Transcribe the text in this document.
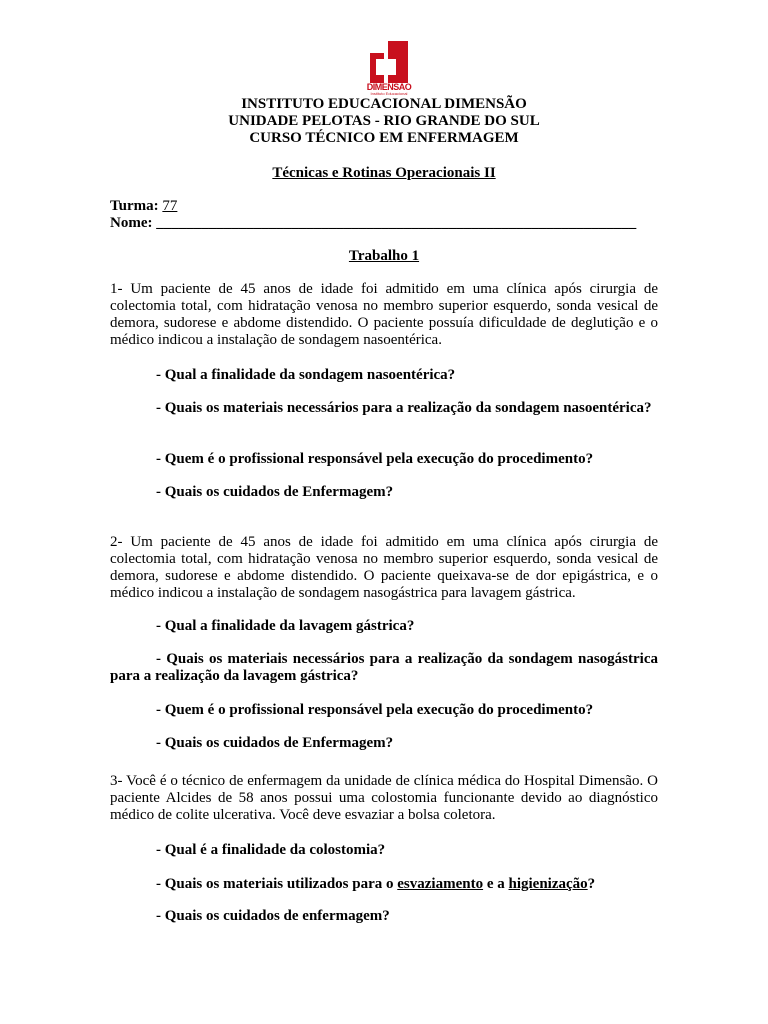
DIMENSÃO
Instituto Educacional
INSTITUTO EDUCACIONAL DIMENSÃO
UNIDADE PELOTAS - RIO GRANDE DO SUL
CURSO TÉCNICO EM ENFERMAGEM
Técnicas e Rotinas Operacionais II
Turma: 77
Nome: ________________________________________________________________
Trabalho 1
1- Um paciente de 45 anos de idade foi admitido em uma clínica após cirurgia de colectomia total, com hidratação venosa no membro superior esquerdo, sonda vesical de demora, sudorese e abdome distendido. O paciente possuía dificuldade de deglutição e o médico indicou a instalação de sondagem nasoentérica.
- Qual a finalidade da sondagem nasoentérica?
- Quais os materiais necessários para a realização da sondagem nasoentérica?
- Quem é o profissional responsável pela execução do procedimento?
- Quais os cuidados de Enfermagem?
2- Um paciente de 45 anos de idade foi admitido em uma clínica após cirurgia de colectomia total, com hidratação venosa no membro superior esquerdo, sonda vesical de demora, sudorese e abdome distendido. O paciente queixava-se de dor epigástrica, e o médico indicou a instalação de sondagem nasogástrica para lavagem gástrica.
- Qual a finalidade da lavagem gástrica?
- Quais os materiais necessários para a realização da sondagem nasogástrica para a realização da lavagem gástrica?
- Quem é o profissional responsável pela execução do procedimento?
- Quais os cuidados de Enfermagem?
3- Você é o técnico de enfermagem da unidade de clínica médica do Hospital Dimensão. O paciente Alcides de 58 anos possui uma colostomia funcionante devido ao diagnóstico médico de colite ulcerativa. Você deve esvaziar a bolsa coletora.
- Qual é a finalidade da colostomia?
- Quais os materiais utilizados para o esvaziamento e a higienização?
- Quais os cuidados de enfermagem?
